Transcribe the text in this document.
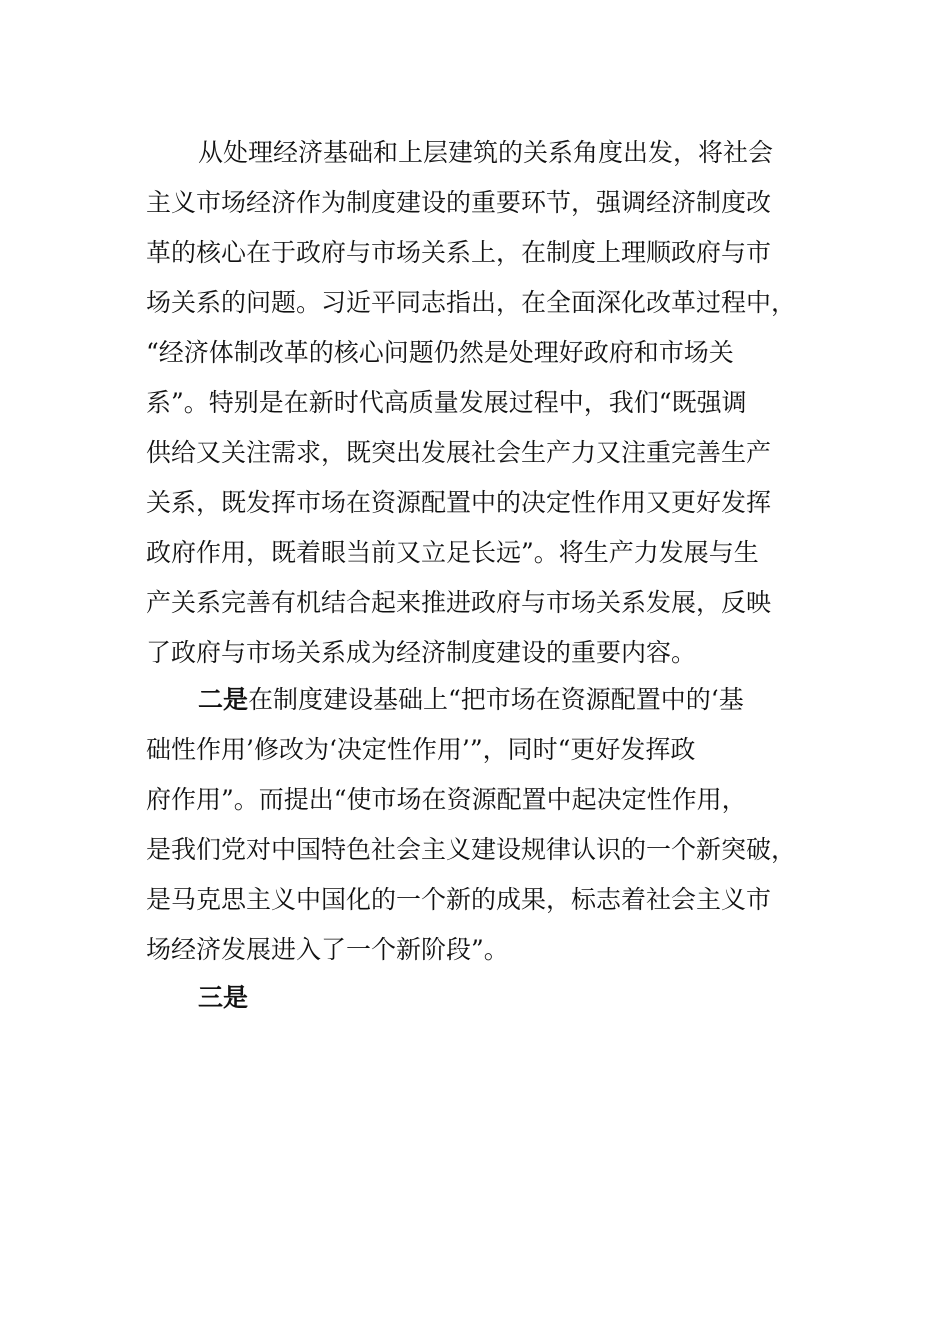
从处理经济基础和上层建筑的关系角度出发，将社会
主义市场经济作为制度建设的重要环节，强调经济制度改
革的核心在于政府与市场关系上，在制度上理顺政府与市
场关系的问题。习近平同志指出，在全面深化改革过程中，
“经济体制改革的核心问题仍然是处理好政府和市场关
系”。特别是在新时代高质量发展过程中，我们“既强调
供给又关注需求，既突出发展社会生产力又注重完善生产
关系，既发挥市场在资源配置中的决定性作用又更好发挥
政府作用，既着眼当前又立足长远”。将生产力发展与生
产关系完善有机结合起来推进政府与市场关系发展，反映
了政府与市场关系成为经济制度建设的重要内容。
二是在制度建设基础上“把市场在资源配置中的‘基
础性作用’修改为‘决定性作用’”，同时“更好发挥政
府作用”。而提出“使市场在资源配置中起决定性作用，
是我们党对中国特色社会主义建设规律认识的一个新突破，
是马克思主义中国化的一个新的成果，标志着社会主义市
场经济发展进入了一个新阶段”。
三是
